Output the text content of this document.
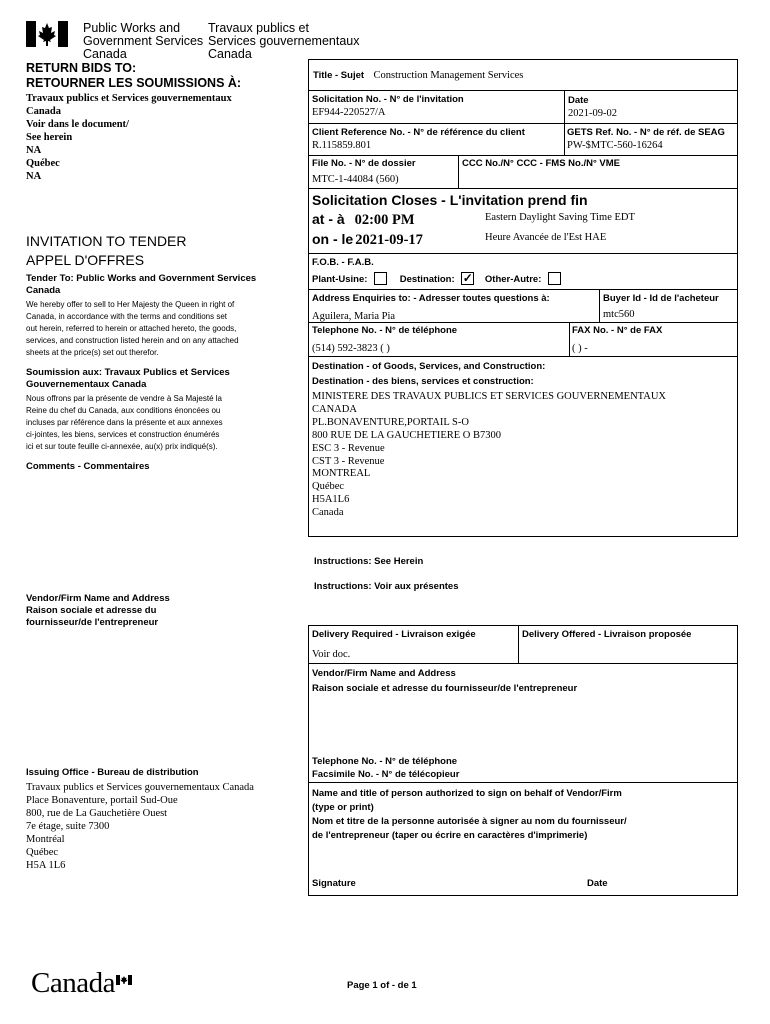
Public Works and
Government Services
Canada
Travaux publics et
Services gouvernementaux
Canada
RETURN BIDS TO:
RETOURNER LES SOUMISSIONS À:
Travaux publics et Services gouvernementaux
Canada
Voir dans le document/
See herein
NA
Québec
NA
INVITATION TO TENDER
APPEL D'OFFRES
Tender To: Public Works and Government Services Canada
We hereby offer to sell to Her Majesty the Queen in right of
Canada, in accordance with the terms and conditions set
out herein, referred to herein or attached hereto, the goods,
services, and construction listed herein and on any attached
sheets at the price(s) set out therefor.
Soumission aux: Travaux Publics et Services Gouvernementaux Canada
Nous offrons par la présente de vendre à Sa Majesté la
Reine du chef du Canada, aux conditions énoncées ou
incluses par référence dans la présente et aux annexes
ci-jointes, les biens, services et construction énumérés
ici et sur toute feuille ci-annexée, au(x) prix indiqué(s).
Comments - Commentaires
Vendor/Firm Name and Address
Raison sociale et adresse du
fournisseur/de l'entrepreneur
Issuing Office - Bureau de distribution
Travaux publics et Services gouvernementaux Canada
Place Bonaventure, portail Sud-Oue
800, rue de La Gauchetière Ouest
7e étage, suite 7300
Montréal
Québec
H5A 1L6
Title - Sujet Construction Management Services
Solicitation No. - N° de l'invitation
EF944-220527/A
Date
2021-09-02
Client Reference No. - N° de référence du client
R.115859.801
GETS Ref. No. - N° de réf. de SEAG
PW-$MTC-560-16264
File No. - N° de dossier
MTC-1-44084 (560)
CCC No./N° CCC - FMS No./N° VME
Solicitation Closes - L'invitation prend fin
at - à 02:00 PM	Eastern Daylight Saving Time EDT
on - le 2021-09-17	Heure Avancée de l'Est HAE
F.O.B. - F.A.B.
Plant-Usine:	Destination: ✓ Other-Autre:
Address Enquiries to: - Adresser toutes questions à:
Aguilera, Maria Pia
Buyer Id - Id de l'acheteur
mtc560
Telephone No. - N° de téléphone
(514) 592-3823 ( )
FAX No. - N° de FAX
( ) -
Destination - of Goods, Services, and Construction:
Destination - des biens, services et construction:
MINISTERE DES TRAVAUX PUBLICS ET SERVICES GOUVERNEMENTAUX
CANADA
PL.BONAVENTURE,PORTAIL S-O
800 RUE DE LA GAUCHETIERE O B7300
ESC 3 - Revenue
CST 3 - Revenue
MONTREAL
Québec
H5A1L6
Canada
Instructions: See Herein
Instructions: Voir aux présentes
Delivery Required - Livraison exigée
Voir doc.
Delivery Offered - Livraison proposée
Vendor/Firm Name and Address
Raison sociale et adresse du fournisseur/de l'entrepreneur
Telephone No. - N° de téléphone
Facsimile No. - N° de télécopieur
Name and title of person authorized to sign on behalf of Vendor/Firm
(type or print)
Nom et titre de la personne autorisée à signer au nom du fournisseur/
de l'entrepreneur (taper ou écrire en caractères d'imprimerie)
Signature	Date
Canada	Page 1 of - de 1
